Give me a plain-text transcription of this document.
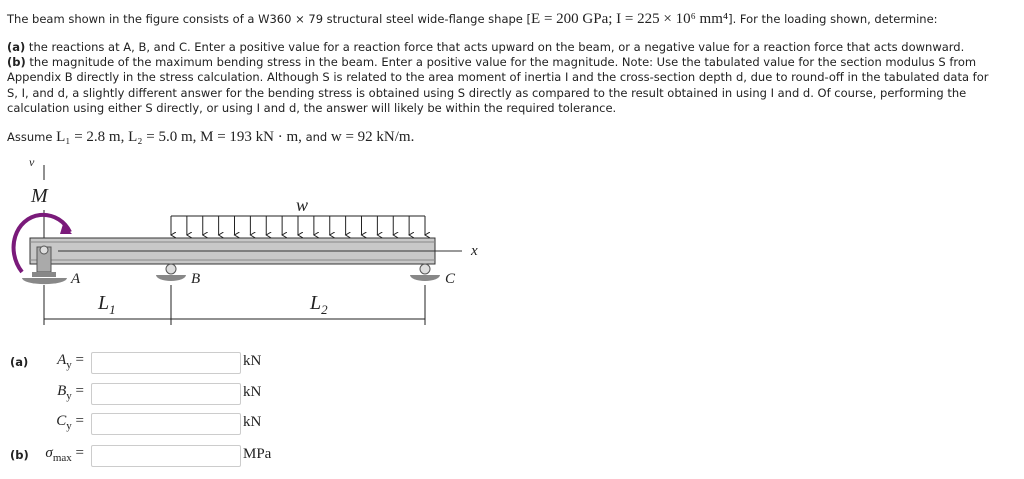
The beam shown in the figure consists of a W360 × 79 structural steel wide-flange shape [E = 200 GPa; I = 225 × 10⁶ mm⁴]. For the loading shown, determine:
(a) the reactions at A, B, and C. Enter a positive value for a reaction force that acts upward on the beam, or a negative value for a reaction force that acts downward.
(b) the magnitude of the maximum bending stress in the beam. Enter a positive value for the magnitude. Note: Use the tabulated value for the section modulus S from
Appendix B directly in the stress calculation. Although S is related to the area moment of inertia I and the cross-section depth d, due to round-off in the tabulated data for
S, I, and d, a slightly different answer for the bending stress is obtained using S directly as compared to the result obtained in using I and d. Of course, performing the
calculation using either S directly, or using I and d, the answer will likely be within the required tolerance.
Assume L₁ = 2.8 m, L₂ = 5.0 m, M = 193 kN · m, and w = 92 kN/m.
v
M	w
x
A	B	C
$L_1$	$L_2$
(a) $A_y$ =	kN
$B_y$ =	kN
$C_y$ =	kN
(b) $\sigma_{max}$ =	MPa
